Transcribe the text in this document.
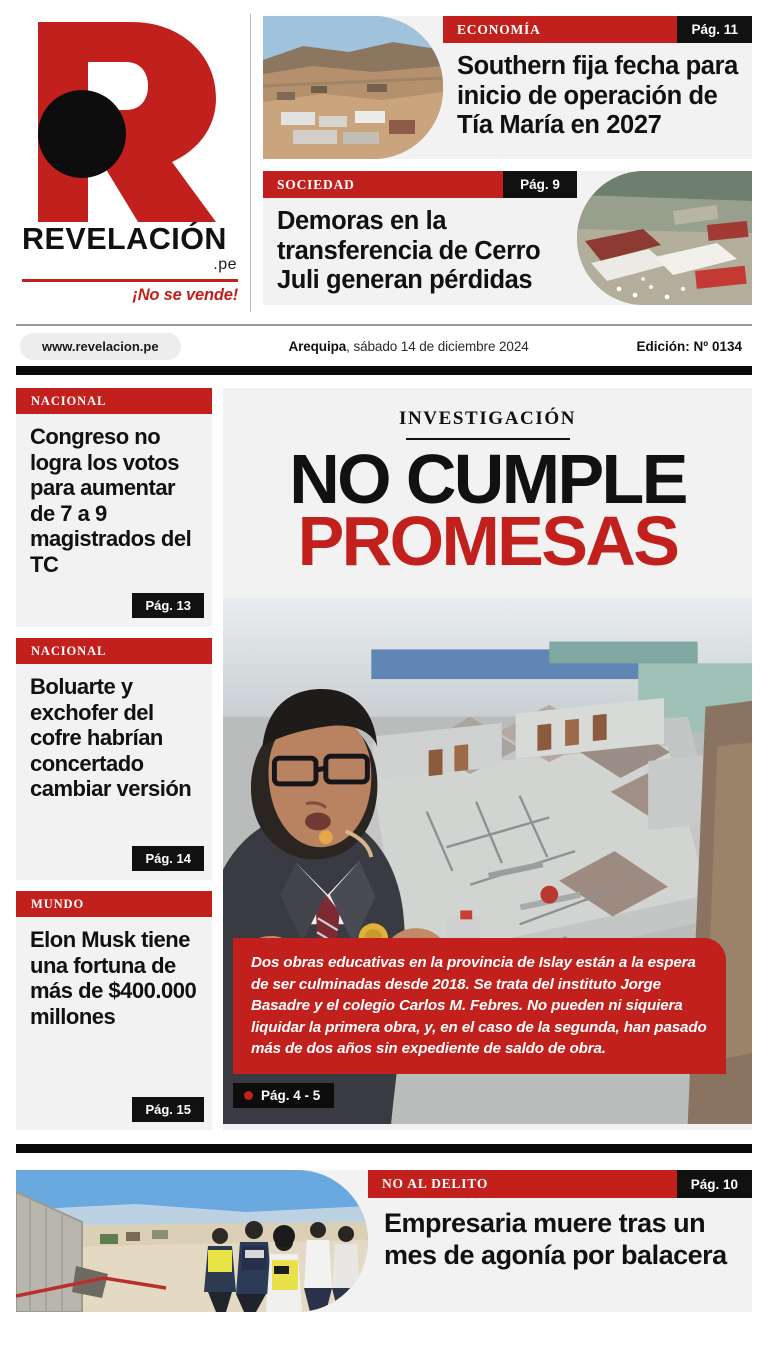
REVELACIÓN
.pe
¡No se vende!
ECONOMÍA	Pág. 11
Southern fija fecha para inicio de operación de Tía María en 2027
SOCIEDAD	Pág. 9
Demoras en la transferencia de Cerro Juli generan pérdidas
www.revelacion.pe	Arequipa, sábado 14 de diciembre 2024	Edición: Nº 0134
NACIONAL
Congreso no logra los votos para aumentar de 7 a 9 magistrados del TC
Pág. 13
NACIONAL
Boluarte y exchofer del cofre habrían concertado cambiar versión
Pág. 14
MUNDO
Elon Musk tiene una fortuna de más de $400.000 millones
Pág. 15
INVESTIGACIÓN
NO CUMPLE
PROMESAS
Dos obras educativas en la provincia de Islay están a la espera de ser culminadas desde 2018. Se trata del instituto Jorge Basadre y el colegio Carlos M. Febres. No pueden ni siquiera liquidar la primera obra, y, en el caso de la segunda, han pasado más de dos años sin expediente de saldo de obra.
Pág. 4 - 5
NO AL DELITO	Pág. 10
Empresaria muere tras un mes de agonía por balacera
